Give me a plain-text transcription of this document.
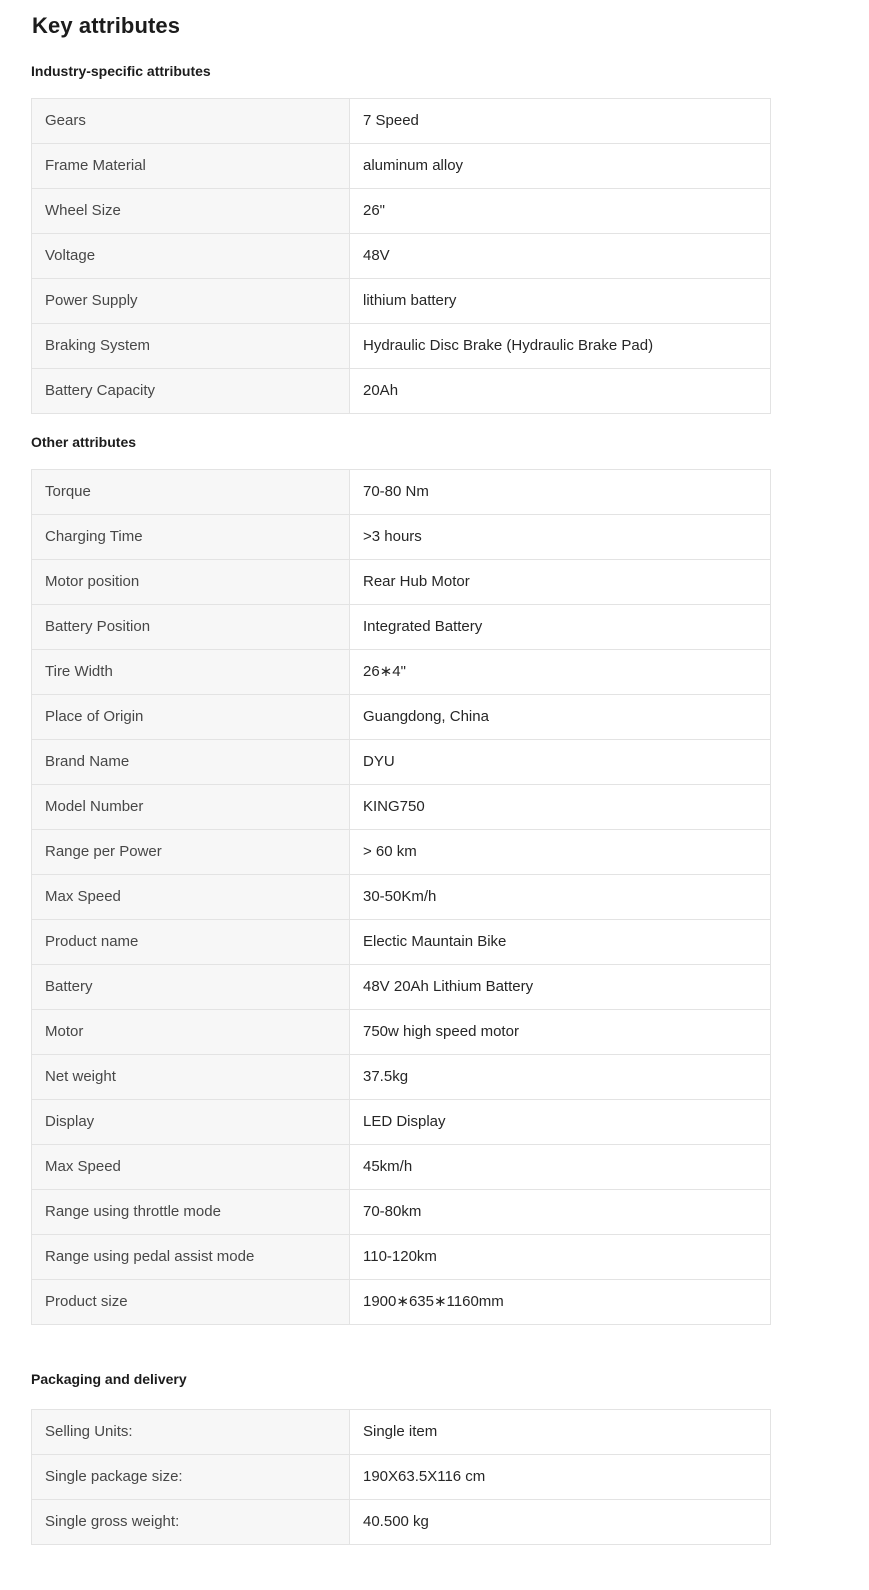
Key attributes
Industry-specific attributes
Gears	7 Speed
Frame Material	aluminum alloy
Wheel Size	26"
Voltage	48V
Power Supply	lithium battery
Braking System	Hydraulic Disc Brake (Hydraulic Brake Pad)
Battery Capacity	20Ah
Other attributes
Torque	70-80 Nm
Charging Time	>3 hours
Motor position	Rear Hub Motor
Battery Position	Integrated Battery
Tire Width	26∗4"
Place of Origin	Guangdong, China
Brand Name	DYU
Model Number	KING750
Range per Power	> 60 km
Max Speed	30-50Km/h
Product name	Electic Mauntain Bike
Battery	48V 20Ah Lithium Battery
Motor	750w high speed motor
Net weight	37.5kg
Display	LED Display
Max Speed	45km/h
Range using throttle mode	70-80km
Range using pedal assist mode	110-120km
Product size	1900∗635∗1160mm
Packaging and delivery
Selling Units:	Single item
Single package size:	190X63.5X116 cm
Single gross weight:	40.500 kg
